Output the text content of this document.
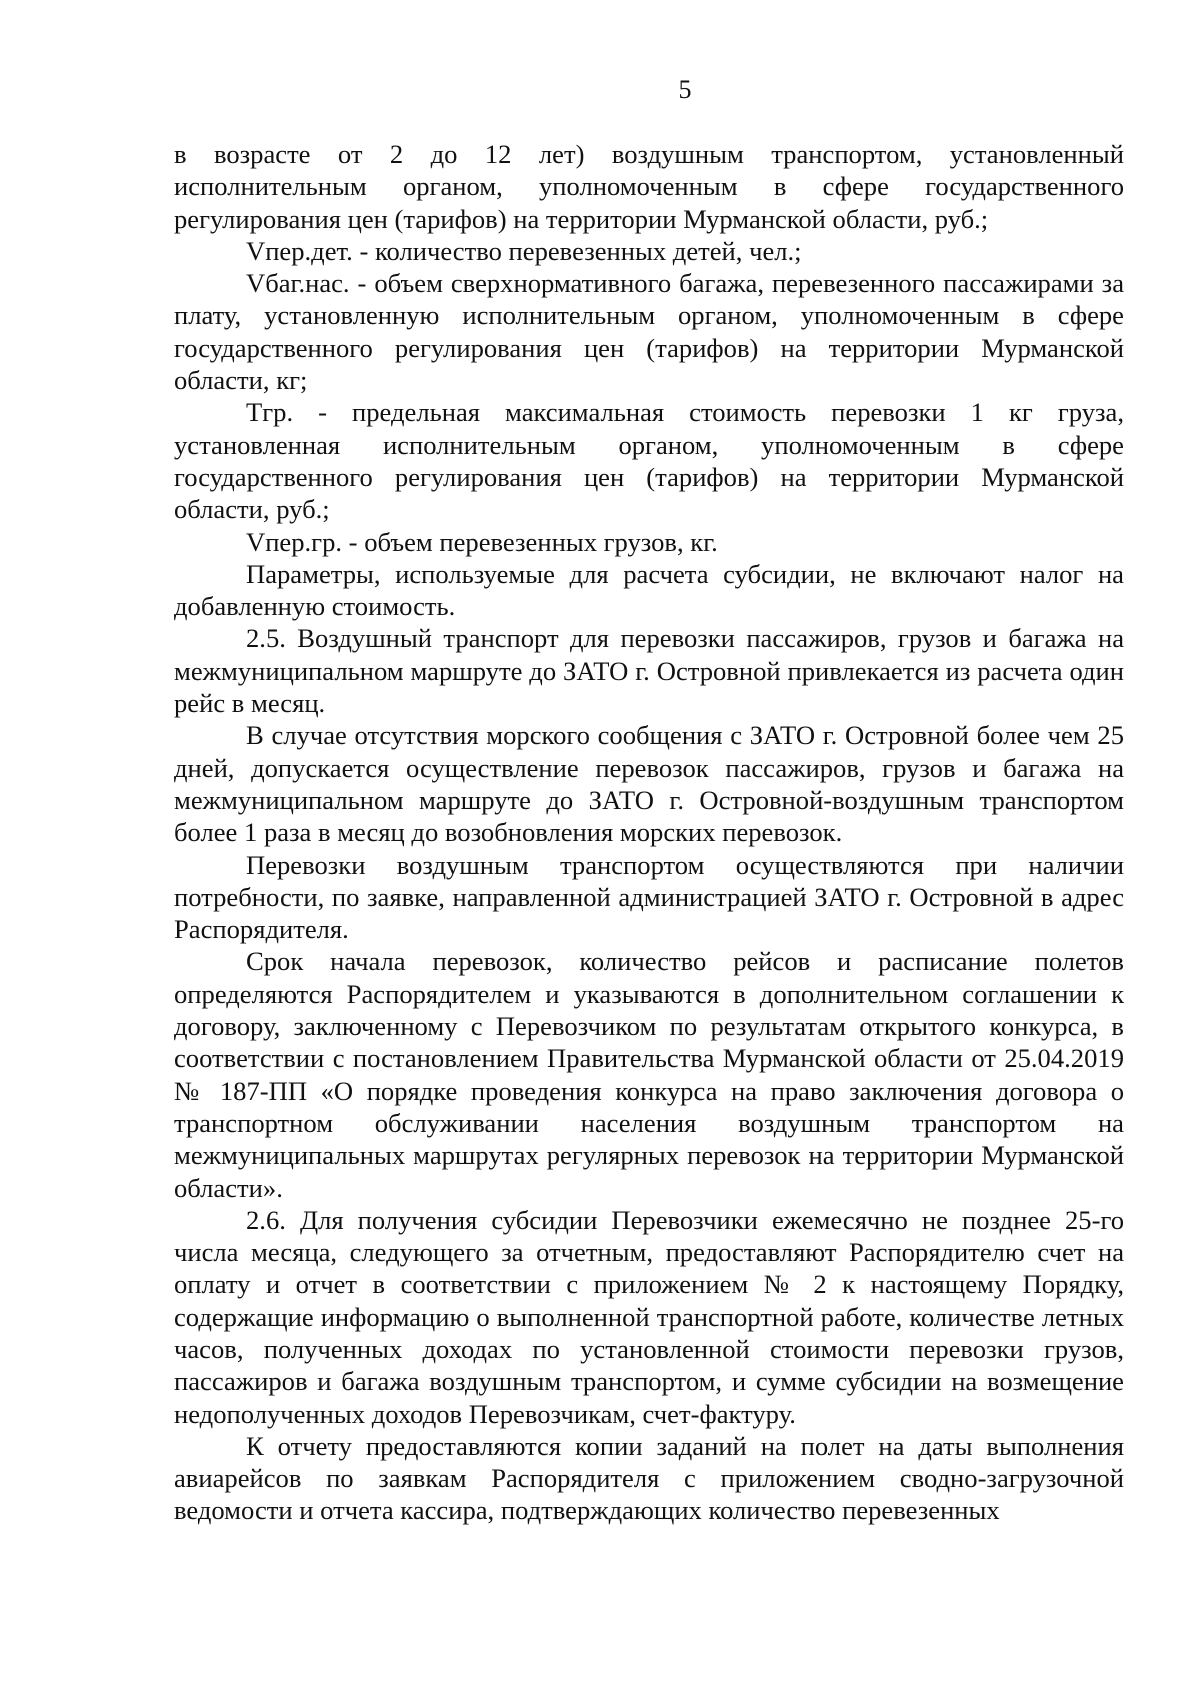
5

в возрасте от 2 до 12 лет) воздушным транспортом, установленный исполнительным органом, уполномоченным в сфере государственного регулирования цен (тарифов) на территории Мурманской области, руб.;

Vпер.дет. - количество перевезенных детей, чел.;

Vбаг.нас. - объем сверхнормативного багажа, перевезенного пассажирами за плату, установленную исполнительным органом, уполномоченным в сфере государственного регулирования цен (тарифов) на территории Мурманской области, кг;

Тгр. - предельная максимальная стоимость перевозки 1 кг груза, установленная исполнительным органом, уполномоченным в сфере государственного регулирования цен (тарифов) на территории Мурманской области, руб.;

Vпер.гр. - объем перевезенных грузов, кг.

Параметры, используемые для расчета субсидии, не включают налог на добавленную стоимость.

2.5. Воздушный транспорт для перевозки пассажиров, грузов и багажа на межмуниципальном маршруте до ЗАТО г. Островной привлекается из расчета один рейс в месяц.

В случае отсутствия морского сообщения с ЗАТО г. Островной более чем 25 дней, допускается осуществление перевозок пассажиров, грузов и багажа на межмуниципальном маршруте до ЗАТО г. Островной-воздушным транспортом более 1 раза в месяц до возобновления морских перевозок.

Перевозки воздушным транспортом осуществляются при наличии потребности, по заявке, направленной администрацией ЗАТО г. Островной в адрес Распорядителя.

Срок начала перевозок, количество рейсов и расписание полетов определяются Распорядителем и указываются в дополнительном соглашении к договору, заключенному с Перевозчиком по результатам открытого конкурса, в соответствии с постановлением Правительства Мурманской области от 25.04.2019 № 187-ПП «О порядке проведения конкурса на право заключения договора о транспортном обслуживании населения воздушным транспортом на межмуниципальных маршрутах регулярных перевозок на территории Мурманской области».

2.6. Для получения субсидии Перевозчики ежемесячно не позднее 25-го числа месяца, следующего за отчетным, предоставляют Распорядителю счет на оплату и отчет в соответствии с приложением № 2 к настоящему Порядку, содержащие информацию о выполненной транспортной работе, количестве летных часов, полученных доходах по установленной стоимости перевозки грузов, пассажиров и багажа воздушным транспортом, и сумме субсидии на возмещение недополученных доходов Перевозчикам, счет-фактуру.

К отчету предоставляются копии заданий на полет на даты выполнения авиарейсов по заявкам Распорядителя с приложением сводно-загрузочной ведомости и отчета кассира, подтверждающих количество перевезенных
